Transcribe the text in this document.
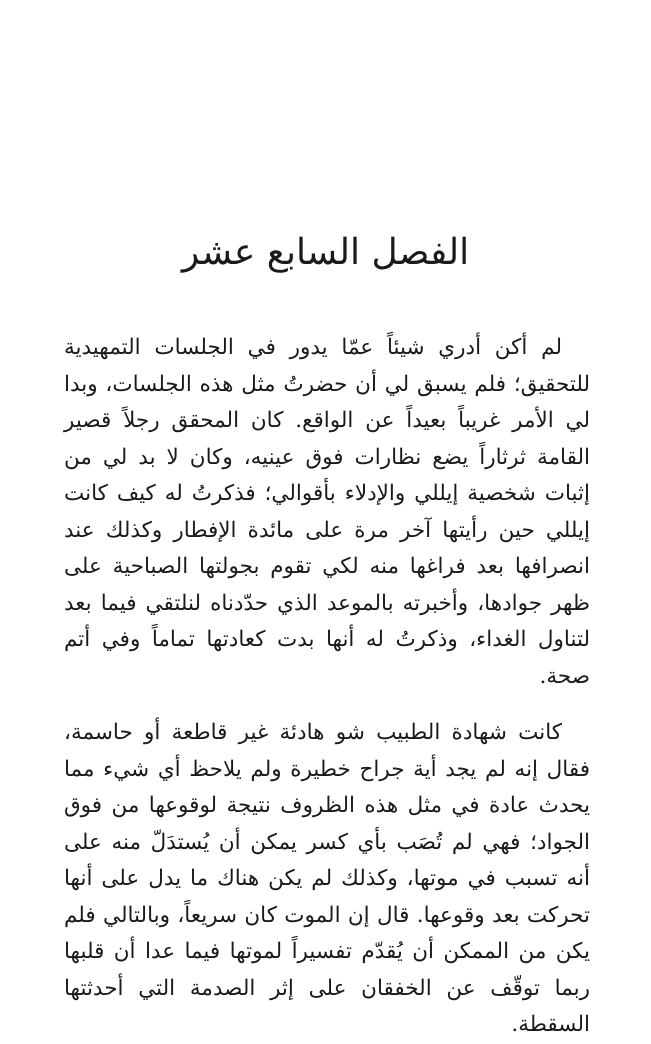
الفصل السابع عشر

لم أكن أدري شيئاً عمّا يدور في الجلسات التمهيدية للتحقيق؛ فلم يسبق لي أن حضرتُ مثل هذه الجلسات، وبدا لي الأمر غريباً بعيداً عن الواقع. كان المحقق رجلاً قصير القامة ثرثاراً يضع نظارات فوق عينيه، وكان لا بد لي من إثبات شخصية إيللي والإدلاء بأقوالي؛ فذكرتُ له كيف كانت إيللي حين رأيتها آخر مرة على مائدة الإفطار وكذلك عند انصرافها بعد فراغها منه لكي تقوم بجولتها الصباحية على ظهر جوادها، وأخبرته بالموعد الذي حدّدناه لنلتقي فيما بعد لتناول الغداء، وذكرتُ له أنها بدت كعادتها تماماً وفي أتم صحة.

كانت شهادة الطبيب شو هادئة غير قاطعة أو حاسمة، فقال إنه لم يجد أية جراح خطيرة ولم يلاحظ أي شيء مما يحدث عادة في مثل هذه الظروف نتيجة لوقوعها من فوق الجواد؛ فهي لم تُصَب بأي كسر يمكن أن يُستدَلّ منه على أنه تسبب في موتها، وكذلك لم يكن هناك ما يدل على أنها تحركت بعد وقوعها. قال إن الموت كان سريعاً، وبالتالي فلم يكن من الممكن أن يُقدّم تفسيراً لموتها فيما عدا أن قلبها ربما توقّف عن الخفقان على إثر الصدمة التي أحدثتها السقطة.
